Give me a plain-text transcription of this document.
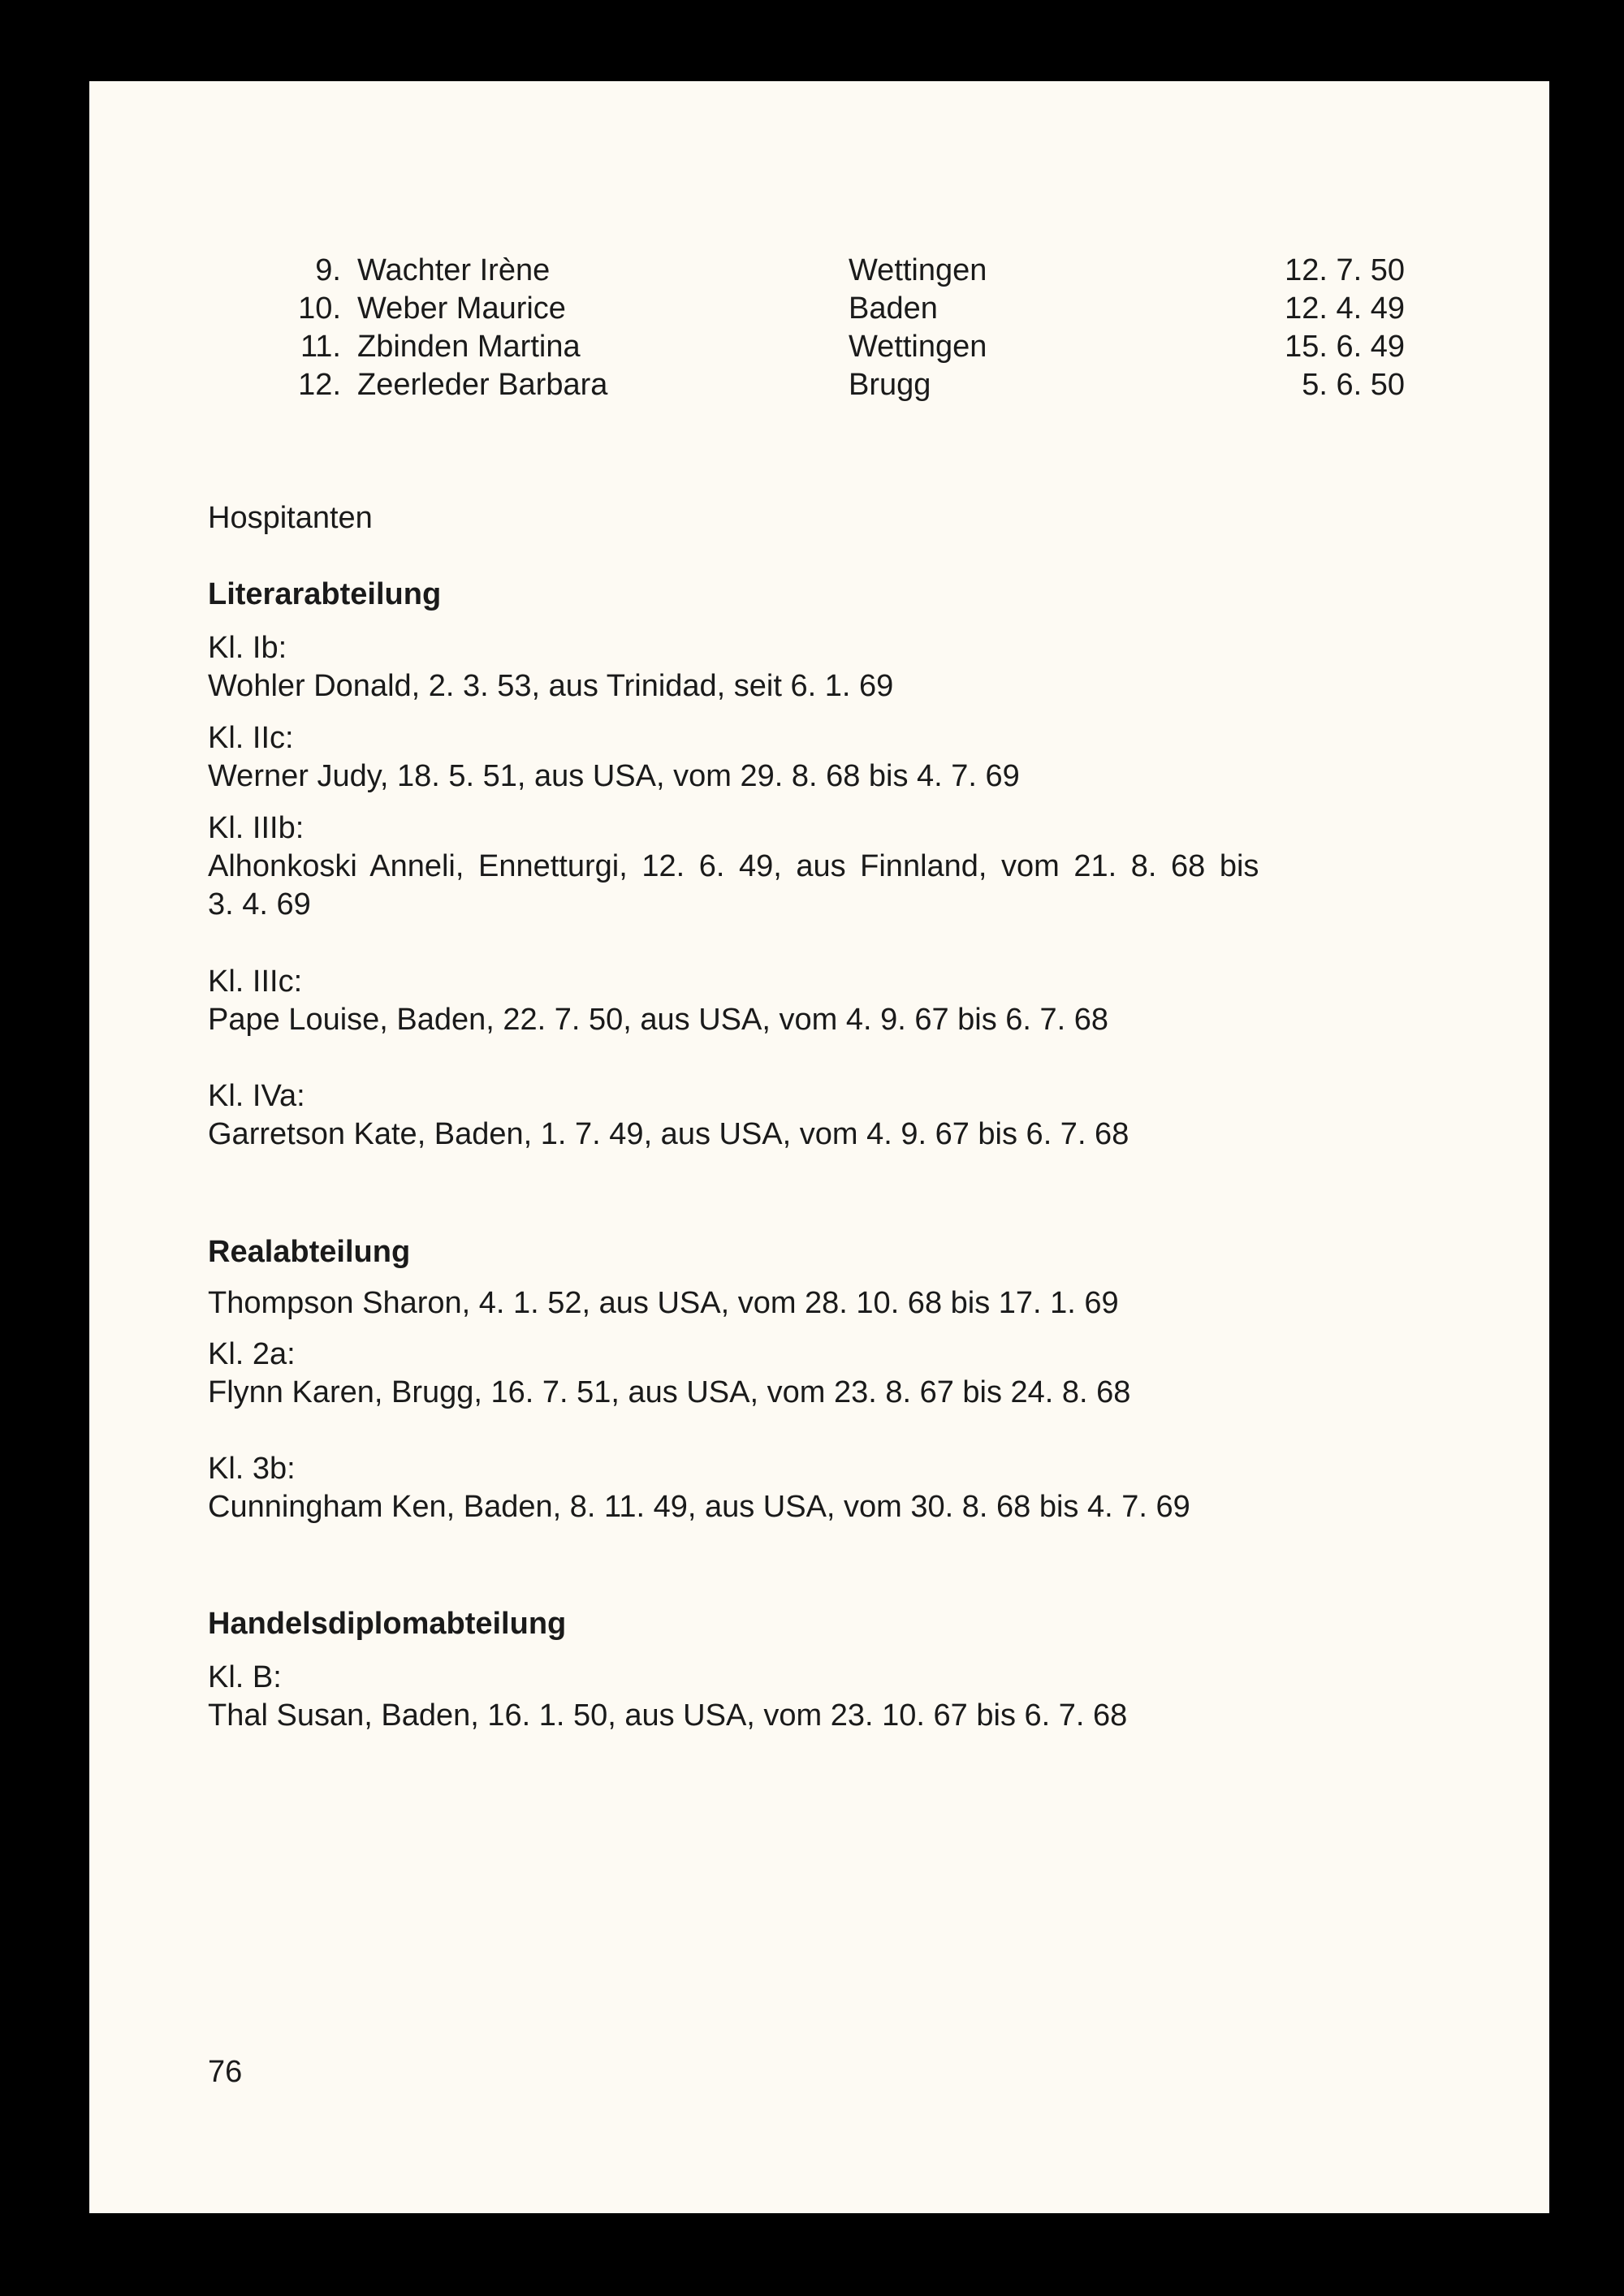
9. Wachter Irène	Wettingen	12. 7. 50
10. Weber Maurice	Baden	12. 4. 49
11. Zbinden Martina	Wettingen	15. 6. 49
12. Zeerleder Barbara	Brugg	5. 6. 50
Hospitanten
Literarabteilung
Kl. Ib:
Wohler Donald, 2. 3. 53, aus Trinidad, seit 6. 1. 69
Kl. IIc:
Werner Judy, 18. 5. 51, aus USA, vom 29. 8. 68 bis 4. 7. 69
Kl. IIIb:
Alhonkoski Anneli, Ennetturgi, 12. 6. 49, aus Finnland, vom 21. 8. 68 bis
3. 4. 69
Kl. IIIc:
Pape Louise, Baden, 22. 7. 50, aus USA, vom 4. 9. 67 bis 6. 7. 68
Kl. IVa:
Garretson Kate, Baden, 1. 7. 49, aus USA, vom 4. 9. 67 bis 6. 7. 68
Realabteilung
Thompson Sharon, 4. 1. 52, aus USA, vom 28. 10. 68 bis 17. 1. 69
Kl. 2a:
Flynn Karen, Brugg, 16. 7. 51, aus USA, vom 23. 8. 67 bis 24. 8. 68
Kl. 3b:
Cunningham Ken, Baden, 8. 11. 49, aus USA, vom 30. 8. 68 bis 4. 7. 69
Handelsdiplomabteilung
Kl. B:
Thal Susan, Baden, 16. 1. 50, aus USA, vom 23. 10. 67 bis 6. 7. 68
76
